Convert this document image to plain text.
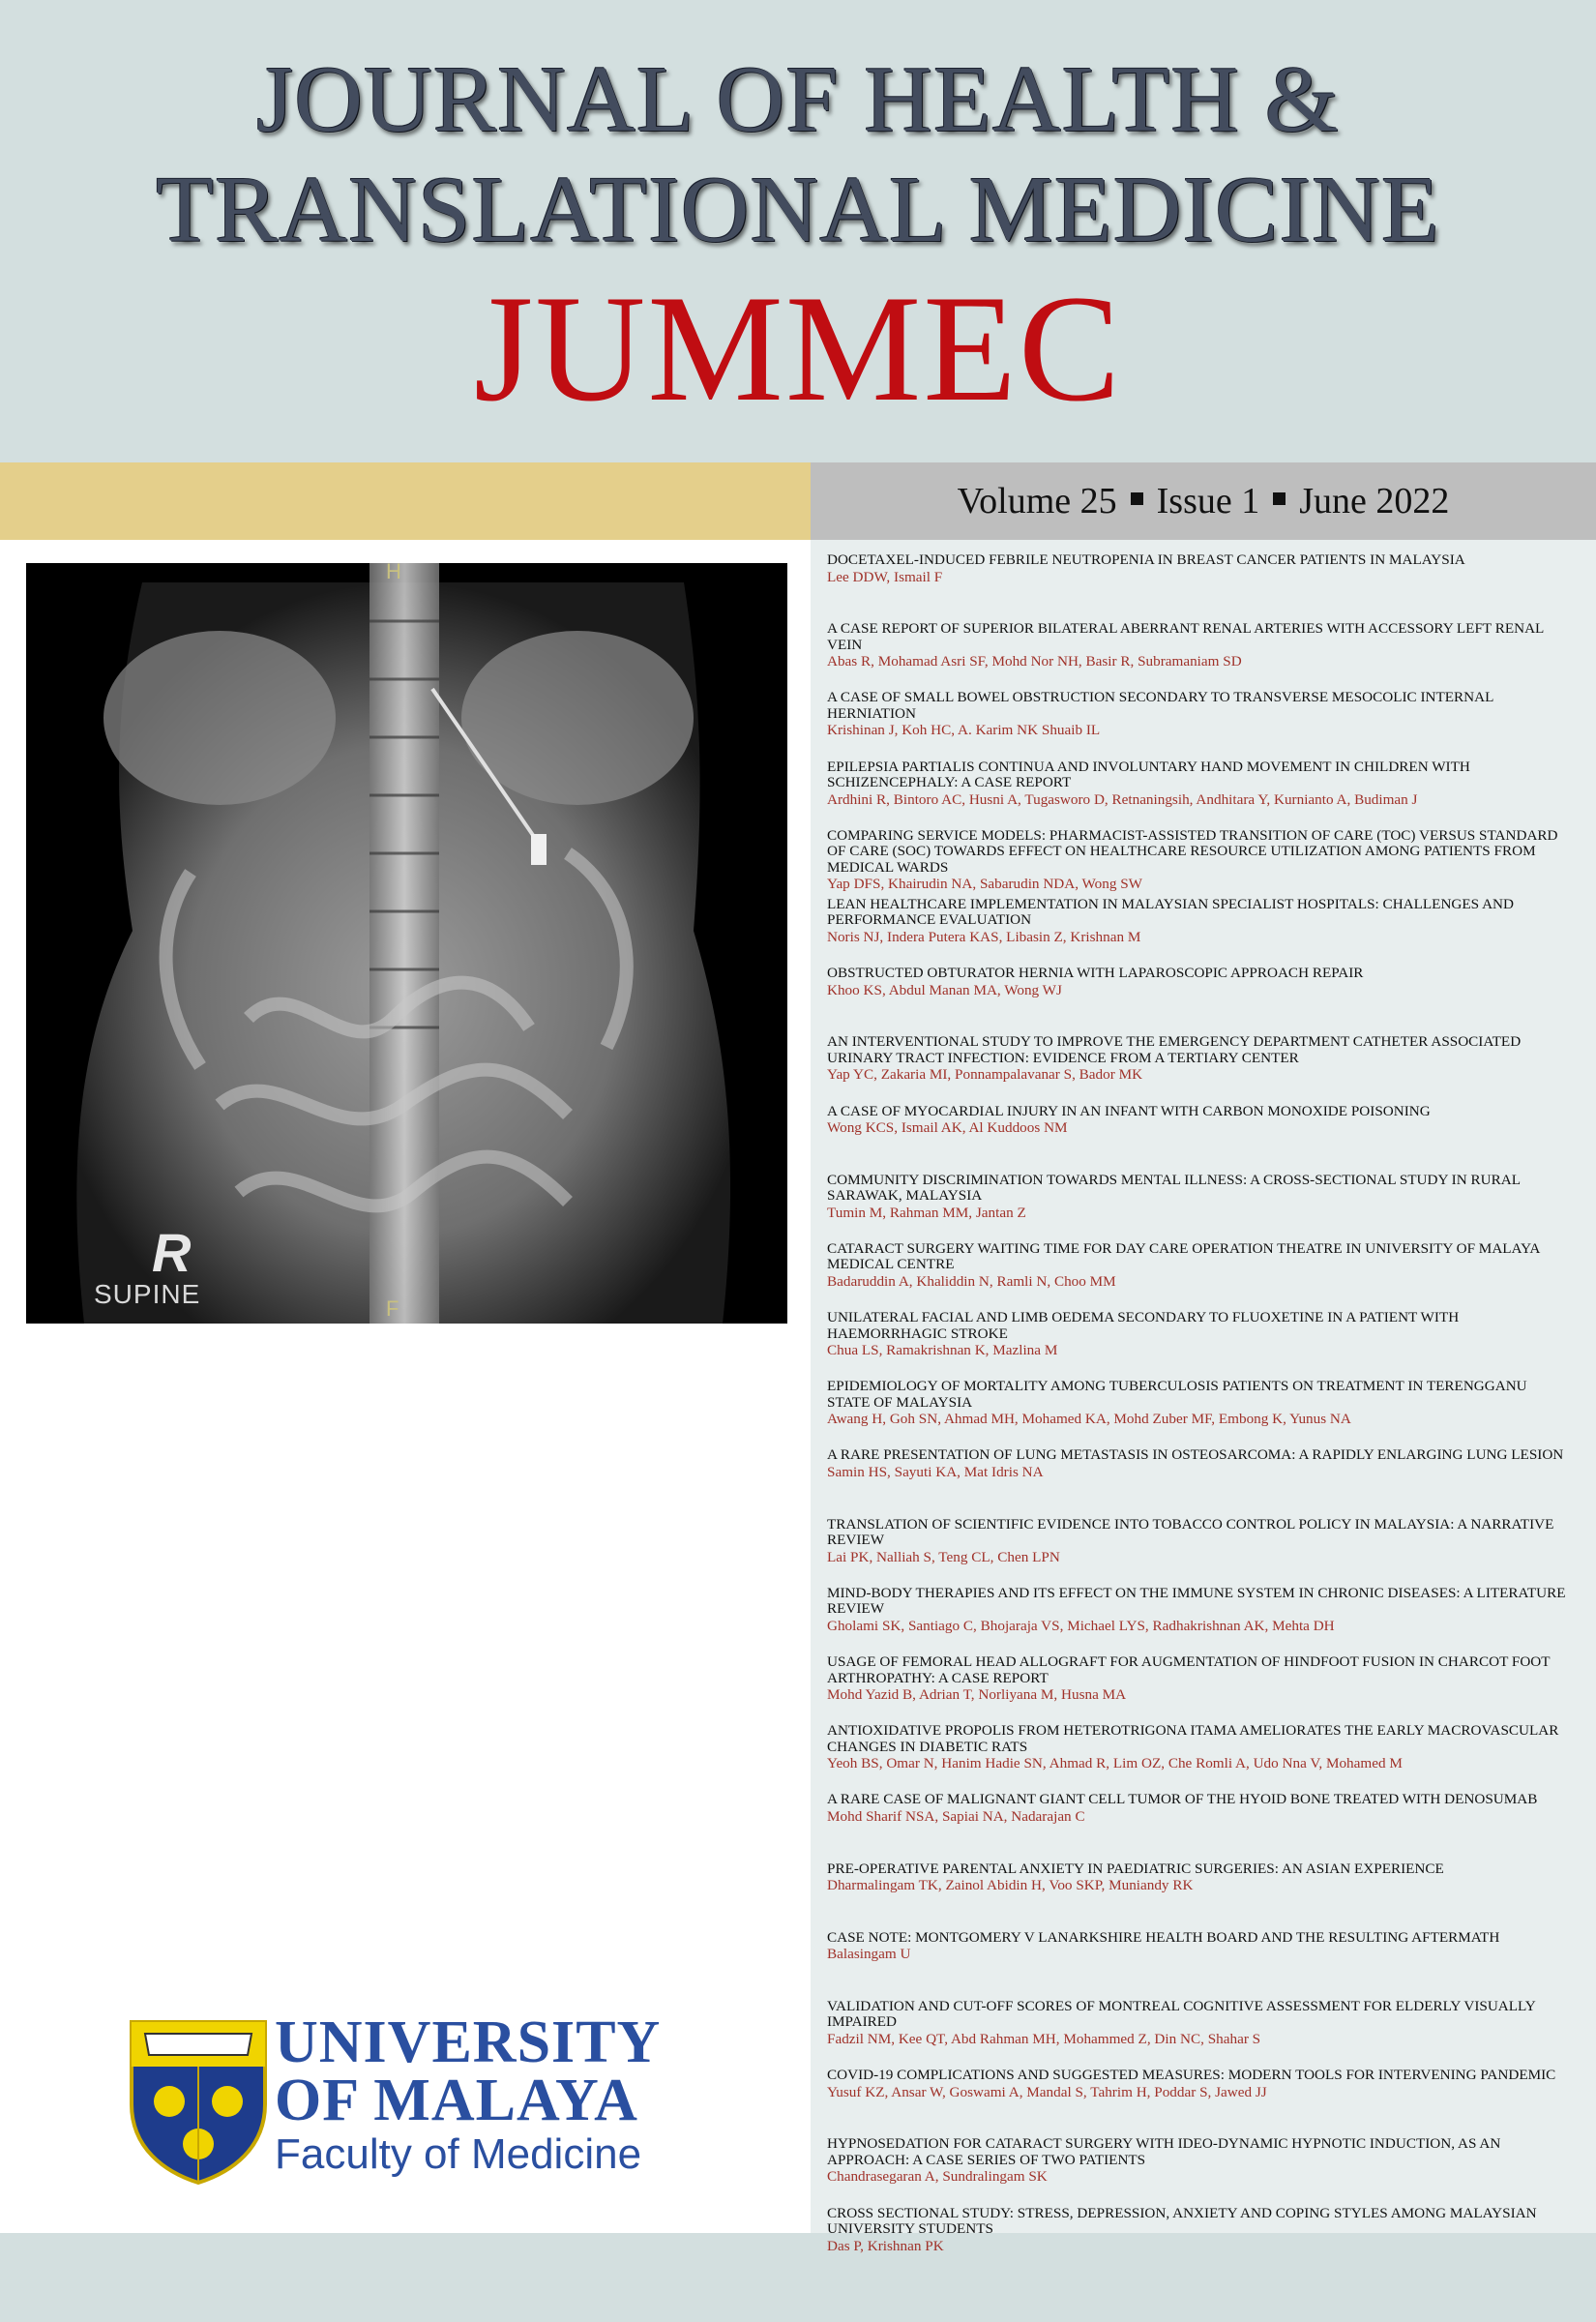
JOURNAL OF HEALTH &
TRANSLATIONAL MEDICINE
JUMMEC
Volume 25 Issue 1 June 2022
H
R
SUPINE	F

DOCETAXEL-INDUCED FEBRILE NEUTROPENIA IN BREAST CANCER PATIENTS IN MALAYSIA

Lee DDW, Ismail F

A CASE REPORT OF SUPERIOR BILATERAL ABERRANT RENAL ARTERIES WITH ACCESSORY LEFT RENAL VEIN

Abas R, Mohamad Asri SF, Mohd Nor NH, Basir R, Subramaniam SD

A CASE OF SMALL BOWEL OBSTRUCTION SECONDARY TO TRANSVERSE MESOCOLIC INTERNAL HERNIATION

Krishinan J, Koh HC, A. Karim NK Shuaib IL

EPILEPSIA PARTIALIS CONTINUA AND INVOLUNTARY HAND MOVEMENT IN CHILDREN WITH SCHIZENCEPHALY: A CASE REPORT

Ardhini R, Bintoro AC, Husni A, Tugasworo D, Retnaningsih, Andhitara Y, Kurnianto A, Budiman J

COMPARING SERVICE MODELS: PHARMACIST-ASSISTED TRANSITION OF CARE (TOC) VERSUS STANDARD OF CARE (SOC) TOWARDS EFFECT ON HEALTHCARE RESOURCE UTILIZATION AMONG PATIENTS FROM MEDICAL WARDS

Yap DFS, Khairudin NA, Sabarudin NDA, Wong SW

LEAN HEALTHCARE IMPLEMENTATION IN MALAYSIAN SPECIALIST HOSPITALS: CHALLENGES AND PERFORMANCE EVALUATION

Noris NJ, Indera Putera KAS, Libasin Z, Krishnan M

OBSTRUCTED OBTURATOR HERNIA WITH LAPAROSCOPIC APPROACH REPAIR

Khoo KS, Abdul Manan MA, Wong WJ

AN INTERVENTIONAL STUDY TO IMPROVE THE EMERGENCY DEPARTMENT CATHETER ASSOCIATED URINARY TRACT INFECTION: EVIDENCE FROM A TERTIARY CENTER

Yap YC, Zakaria MI, Ponnampalavanar S, Bador MK

A CASE OF MYOCARDIAL INJURY IN AN INFANT WITH CARBON MONOXIDE POISONING

Wong KCS, Ismail AK, Al Kuddoos NM

COMMUNITY DISCRIMINATION TOWARDS MENTAL ILLNESS: A CROSS-SECTIONAL STUDY IN RURAL SARAWAK, MALAYSIA

Tumin M, Rahman MM, Jantan Z

CATARACT SURGERY WAITING TIME FOR DAY CARE OPERATION THEATRE IN UNIVERSITY OF MALAYA MEDICAL CENTRE

Badaruddin A, Khaliddin N, Ramli N, Choo MM

UNILATERAL FACIAL AND LIMB OEDEMA SECONDARY TO FLUOXETINE IN A PATIENT WITH HAEMORRHAGIC STROKE

Chua LS, Ramakrishnan K, Mazlina M

EPIDEMIOLOGY OF MORTALITY AMONG TUBERCULOSIS PATIENTS ON TREATMENT IN TERENGGANU STATE OF MALAYSIA

Awang H, Goh SN, Ahmad MH, Mohamed KA, Mohd Zuber MF, Embong K, Yunus NA

A RARE PRESENTATION OF LUNG METASTASIS IN OSTEOSARCOMA: A RAPIDLY ENLARGING LUNG LESION

Samin HS, Sayuti KA, Mat Idris NA

TRANSLATION OF SCIENTIFIC EVIDENCE INTO TOBACCO CONTROL POLICY IN MALAYSIA: A NARRATIVE REVIEW

Lai PK, Nalliah S, Teng CL, Chen LPN

MIND-BODY THERAPIES AND ITS EFFECT ON THE IMMUNE SYSTEM IN CHRONIC DISEASES: A LITERATURE REVIEW

Gholami SK, Santiago C, Bhojaraja VS, Michael LYS, Radhakrishnan AK, Mehta DH

USAGE OF FEMORAL HEAD ALLOGRAFT FOR AUGMENTATION OF HINDFOOT FUSION IN CHARCOT FOOT ARTHROPATHY: A CASE REPORT

Mohd Yazid B, Adrian T, Norliyana M, Husna MA

ANTIOXIDATIVE PROPOLIS FROM HETEROTRIGONA ITAMA AMELIORATES THE EARLY MACROVASCULAR CHANGES IN DIABETIC RATS

Yeoh BS, Omar N, Hanim Hadie SN, Ahmad R, Lim OZ, Che Romli A, Udo Nna V, Mohamed M

A RARE CASE OF MALIGNANT GIANT CELL TUMOR OF THE HYOID BONE TREATED WITH DENOSUMAB

Mohd Sharif NSA, Sapiai NA, Nadarajan C

PRE-OPERATIVE PARENTAL ANXIETY IN PAEDIATRIC SURGERIES: AN ASIAN EXPERIENCE

Dharmalingam TK, Zainol Abidin H, Voo SKP, Muniandy RK

CASE NOTE: MONTGOMERY V LANARKSHIRE HEALTH BOARD AND THE RESULTING AFTERMATH

Balasingam U

VALIDATION AND CUT-OFF SCORES OF MONTREAL COGNITIVE ASSESSMENT FOR ELDERLY VISUALLY IMPAIRED

Fadzil NM, Kee QT, Abd Rahman MH, Mohammed Z, Din NC, Shahar S

COVID-19 COMPLICATIONS AND SUGGESTED MEASURES: MODERN TOOLS FOR INTERVENING PANDEMIC

Yusuf KZ, Ansar W, Goswami A, Mandal S, Tahrim H, Poddar S, Jawed JJ

HYPNOSEDATION FOR CATARACT SURGERY WITH IDEO-DYNAMIC HYPNOTIC INDUCTION, AS AN APPROACH: A CASE SERIES OF TWO PATIENTS

Chandrasegaran A, Sundralingam SK

CROSS SECTIONAL STUDY: STRESS, DEPRESSION, ANXIETY AND COPING STYLES AMONG MALAYSIAN UNIVERSITY STUDENTS

Das P, Krishnan PK

UNIVERSITY
OF MALAYA
Faculty of Medicine
